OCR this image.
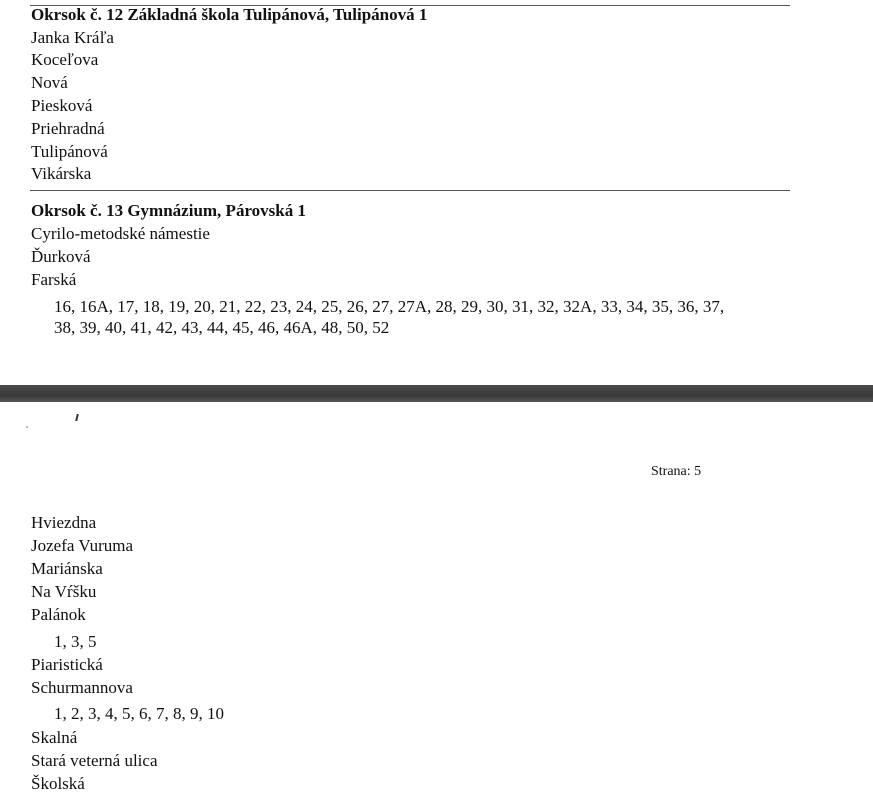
Okrsok č. 12 Základná škola Tulipánová, Tulipánová 1
Janka Kráľa
Koceľova
Nová
Piesková
Priehradná
Tulipánová
Vikárska
Okrsok č. 13 Gymnázium, Párovská 1
Cyrilo-metodské námestie
Ďurková
Farská
16, 16A, 17, 18, 19, 20, 21, 22, 23, 24, 25, 26, 27, 27A, 28, 29, 30, 31, 32, 32A, 33, 34, 35, 36, 37,
38, 39, 40, 41, 42, 43, 44, 45, 46, 46A, 48, 50, 52
Strana: 5
Hviezdna
Jozefa Vuruma
Mariánska
Na Vŕšku
Palánok
1, 3, 5
Piaristická
Schurmannova
1, 2, 3, 4, 5, 6, 7, 8, 9, 10
Skalná
Stará veterná ulica
Školská
